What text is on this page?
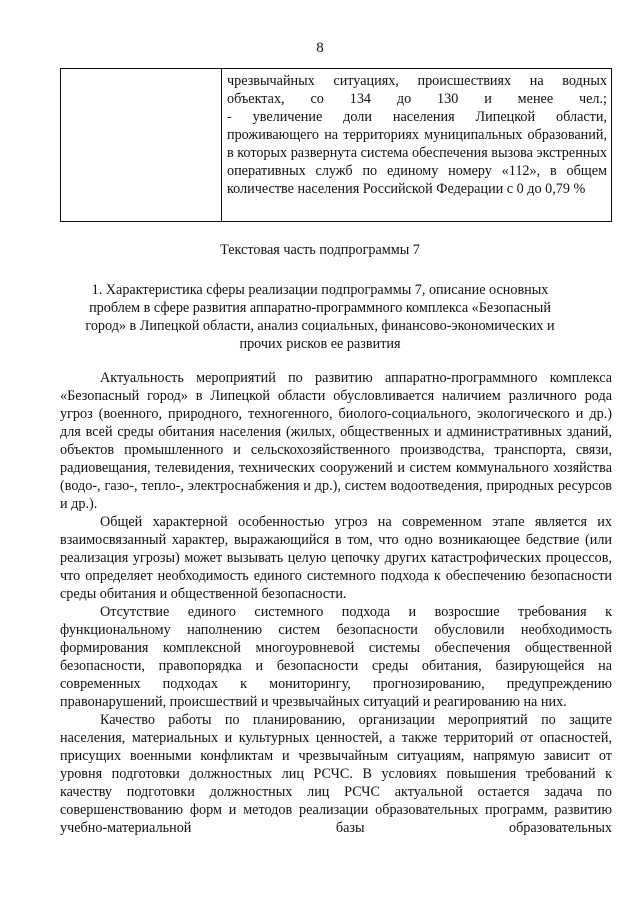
8

чрезвычайных ситуациях, происшествиях на водных объектах, со 134 до 130 и менее чел.;

- увеличение доли населения Липецкой области, проживающего на территориях муниципальных образований, в которых развернута система обеспечения вызова экстренных оперативных служб по единому номеру «112», в общем количестве населения Российской Федерации с 0 до 0,79 %

Текстовая часть подпрограммы 7
1. Характеристика сферы реализации подпрограммы 7, описание основных проблем в сфере развития аппаратно-программного комплекса «Безопасный город» в Липецкой области, анализ социальных, финансово-экономических и прочих рисков ее развития

Актуальность мероприятий по развитию аппаратно-программного комплекса «Безопасный город» в Липецкой области обусловливается наличием различного рода угроз (военного, природного, техногенного, биолого-социального, экологического и др.) для всей среды обитания населения (жилых, общественных и административных зданий, объектов промышленного и сельскохозяйственного производства, транспорта, связи, радиовещания, телевидения, технических сооружений и систем коммунального хозяйства (водо-, газо-, тепло-, электроснабжения и др.), систем водоотведения, природных ресурсов и др.).

Общей характерной особенностью угроз на современном этапе является их взаимосвязанный характер, выражающийся в том, что одно возникающее бедствие (или реализация угрозы) может вызывать целую цепочку других катастрофических процессов, что определяет необходимость единого системного подхода к обеспечению безопасности среды обитания и общественной безопасности.

Отсутствие единого системного подхода и возросшие требования к функциональному наполнению систем безопасности обусловили необходимость формирования комплексной многоуровневой системы обеспечения общественной безопасности, правопорядка и безопасности среды обитания, базирующейся на современных подходах к мониторингу, прогнозированию, предупреждению правонарушений, происшествий и чрезвычайных ситуаций и реагированию на них.

Качество работы по планированию, организации мероприятий по защите населения, материальных и культурных ценностей, а также территорий от опасностей, присущих военными конфликтам и чрезвычайным ситуациям, напрямую зависит от уровня подготовки должностных лиц РСЧС. В условиях повышения требований к качеству подготовки должностных лиц РСЧС актуальной остается задача по совершенствованию форм и методов реализации образовательных программ, развитию учебно-материальной базы образовательных
